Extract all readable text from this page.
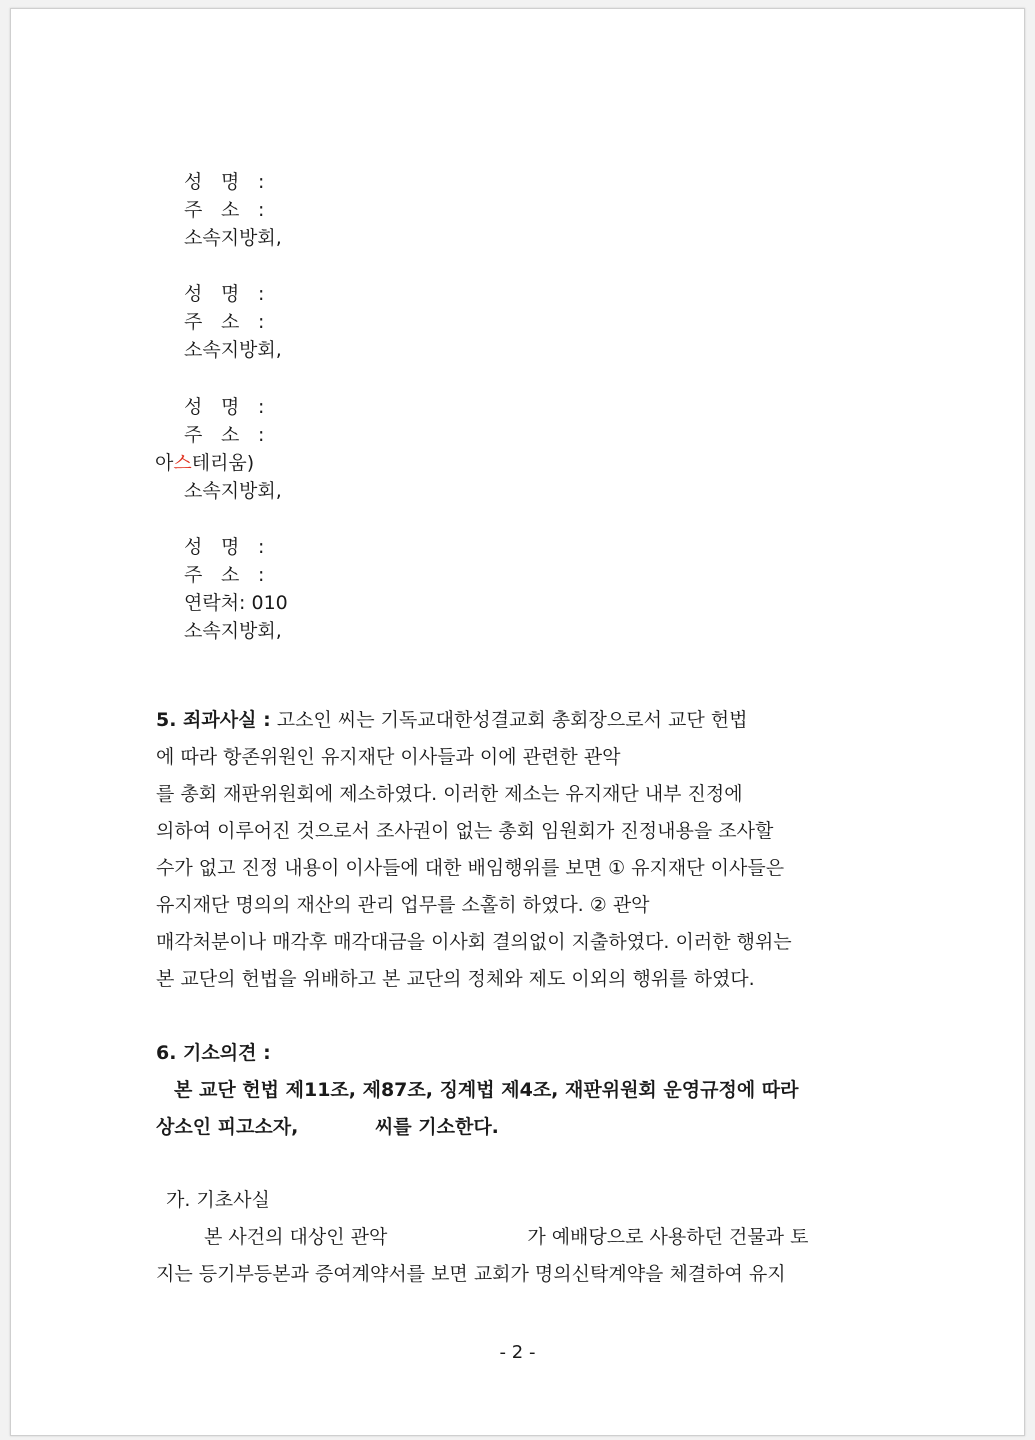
성 명 :
주 소 :
소속지방회,
성 명 :
주 소 :
소속지방회,
성 명 :
주 소 :
소속지방회,
아스테리움)
성 명 :
주 소 :
연락처: 010
소속지방회,
5. 죄과사실 : 고소인 씨는 기독교대한성결교회 총회장으로서 교단 헌법
에 따라 항존위원인 유지재단 이사들과 이에 관련한 관악
를 총회 재판위원회에 제소하였다. 이러한 제소는 유지재단 내부 진정에
의하여 이루어진 것으로서 조사권이 없는 총회 임원회가 진정내용을 조사할
수가 없고 진정 내용이 이사들에 대한 배임행위를 보면 ① 유지재단 이사들은
유지재단 명의의 재산의 관리 업무를 소홀히 하였다. ② 관악
매각처분이나 매각후 매각대금을 이사회 결의없이 지출하였다. 이러한 행위는
본 교단의 헌법을 위배하고 본 교단의 정체와 제도 이외의 행위를 하였다.
6. 기소의견 :
본 교단 헌법 제11조, 제87조, 징계법 제4조, 재판위원회 운영규정에 따라
상소인 피고소자,	씨를 기소한다.
가. 기초사실
본 사건의 대상인 관악	가 예배당으로 사용하던 건물과 토
지는 등기부등본과 증여계약서를 보면 교회가 명의신탁계약을 체결하여 유지
- 2 -
